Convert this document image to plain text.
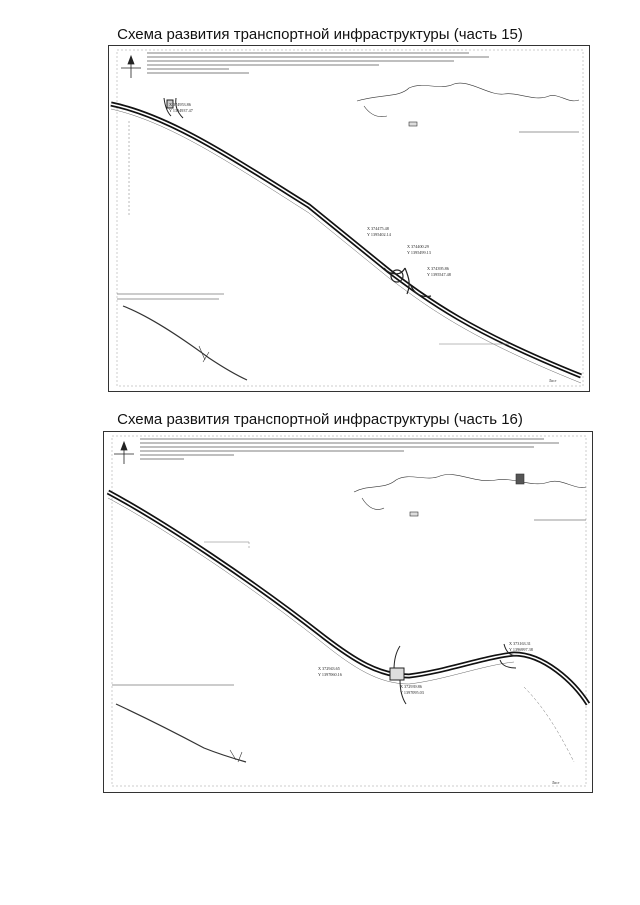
Схема развития транспортной инфраструктуры (часть 15)
X 374953.86
Y 1394937.47
X 374475.48
Y 1395402.14
X 374400.29
Y 1395499.13
X 374395.86
Y 1395547.48
Лист
Схема развития транспортной инфраструктуры (часть 16)
X 373163.31
Y 1396997.38
X 372943.65
Y 1397060.16
X 372939.86
Y 1397095.03
Лист
